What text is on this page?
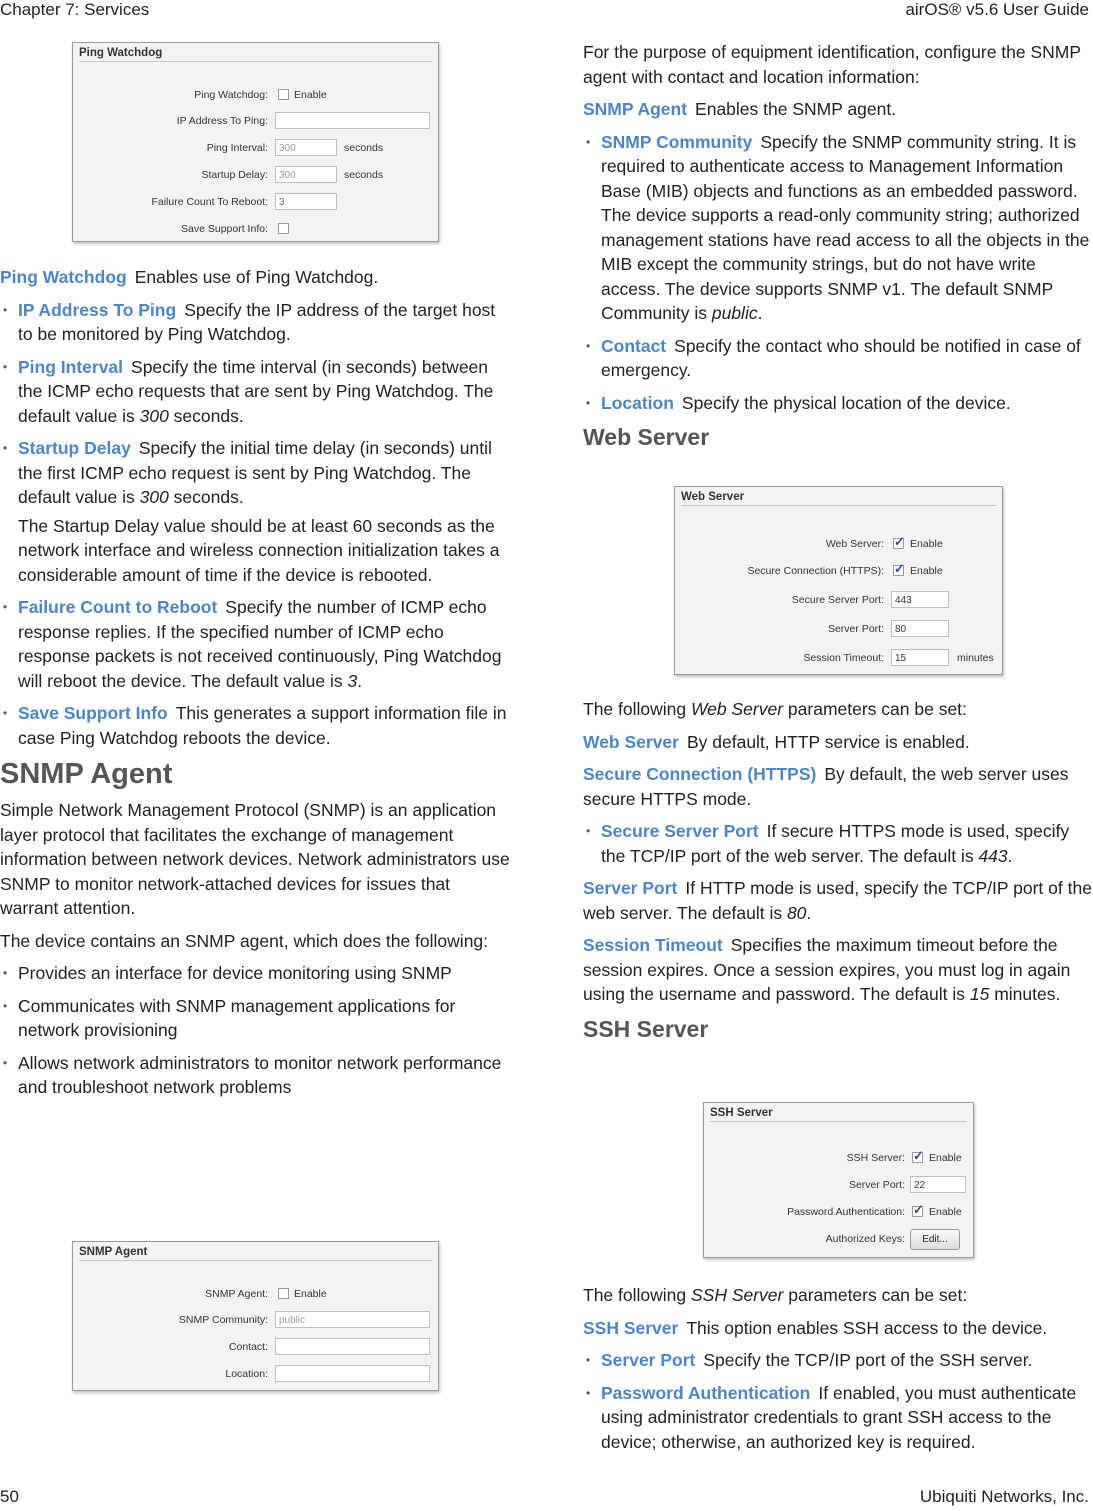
Chapter 7: Services	airOS® v5.6 User Guide
50	Ubiquiti Networks, Inc.
Ping Watchdog
Ping Watchdog: Enable
IP Address To Ping:
Ping Interval:	300	seconds
Startup Delay:	300	seconds
Failure Count To Reboot:	3
Save Support Info:
Ping Watchdog Enables use of Ping Watchdog.
• IP Address To Ping Specify the IP address of the target host to be monitored by Ping Watchdog.
• Ping Interval Specify the time interval (in seconds) between the ICMP echo requests that are sent by Ping Watchdog. The default value is 300 seconds.
• Startup Delay Specify the initial time delay (in seconds) until the first ICMP echo request is sent by Ping Watchdog. The default value is 300 seconds.
The Startup Delay value should be at least 60 seconds as the network interface and wireless connection initialization takes a considerable amount of time if the device is rebooted.
• Failure Count to Reboot Specify the number of ICMP echo response replies. If the specified number of ICMP echo response packets is not received continuously, Ping Watchdog will reboot the device. The default value is 3.
• Save Support Info This generates a support information file in case Ping Watchdog reboots the device.
SNMP Agent
Simple Network Management Protocol (SNMP) is an application layer protocol that facilitates the exchange of management information between network devices. Network administrators use SNMP to monitor network-attached devices for issues that warrant attention.
The device contains an SNMP agent, which does the following:
• Provides an interface for device monitoring using SNMP
• Communicates with SNMP management applications for network provisioning
• Allows network administrators to monitor network performance and troubleshoot network problems
SNMP Agent
SNMP Agent: Enable
SNMP Community:	public
Contact:
Location:
For the purpose of equipment identification, configure the SNMP agent with contact and location information:
SNMP Agent Enables the SNMP agent.
• SNMP Community Specify the SNMP community string. It is required to authenticate access to Management Information Base (MIB) objects and functions as an embedded password. The device supports a read-only community string; authorized management stations have read access to all the objects in the MIB except the community strings, but do not have write access. The device supports SNMP v1. The default SNMP Community is public.
• Contact Specify the contact who should be notified in case of emergency.
• Location Specify the physical location of the device.
Web Server
Web Server
Web Server: ✓ Enable
Secure Connection (HTTPS): ✓ Enable
Secure Server Port:	443
Server Port:	80
Session Timeout:	15	minutes
The following Web Server parameters can be set:
Web Server By default, HTTP service is enabled.
Secure Connection (HTTPS) By default, the web server uses secure HTTPS mode.
• Secure Server Port If secure HTTPS mode is used, specify the TCP/IP port of the web server. The default is 443.
Server Port If HTTP mode is used, specify the TCP/IP port of the web server. The default is 80.
Session Timeout Specifies the maximum timeout before the session expires. Once a session expires, you must log in again using the username and password. The default is 15 minutes.
SSH Server
SSH Server
SSH Server: ✓ Enable
Server Port: 22
Password Authentication: ✓ Enable
Authorized Keys:	Edit...
The following SSH Server parameters can be set:
SSH Server This option enables SSH access to the device.
• Server Port Specify the TCP/IP port of the SSH server.
• Password Authentication If enabled, you must authenticate using administrator credentials to grant SSH access to the device; otherwise, an authorized key is required.
